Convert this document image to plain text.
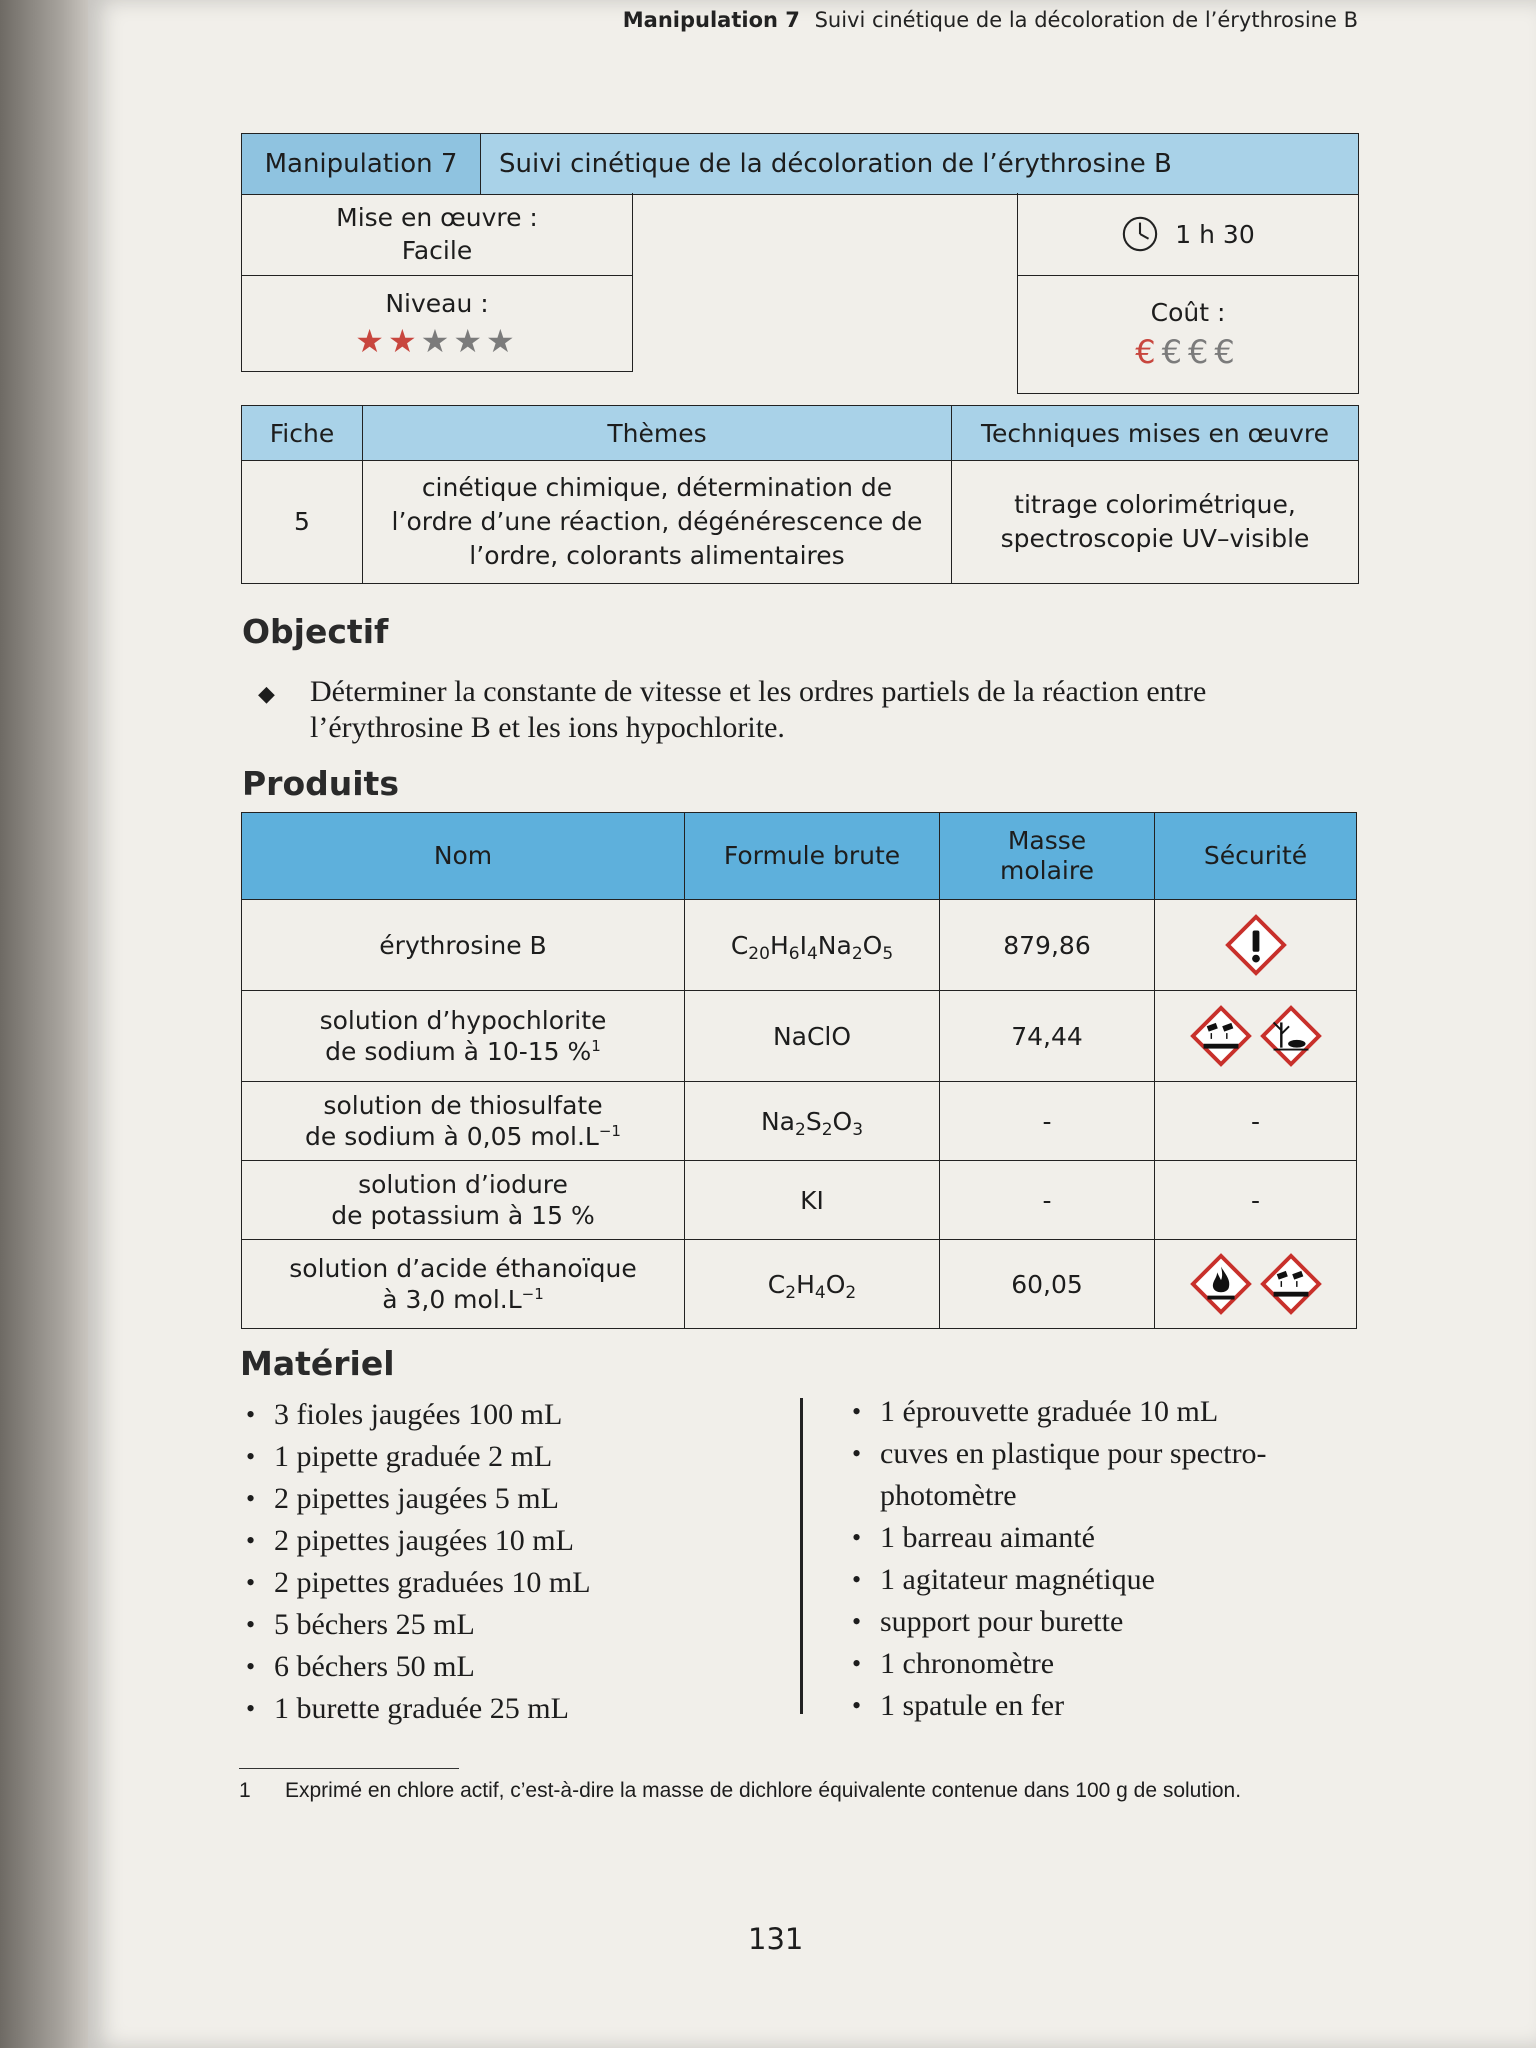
Manipulation 7 Suivi cinétique de la décoloration de l’érythrosine B
Manipulation 7	Suivi cinétique de la décoloration de l’érythrosine B
Mise en œuvre :
Facile
Niveau :
★★★★★
1 h 30
Coût :
€€€€
Fiche	Thèmes	Techniques mises en œuvre
5	cinétique chimique, détermination de l’ordre d’une réaction, dégénérescence de l’ordre, colorants alimentaires	titrage colorimétrique, spectroscopie UV–visible
Objectif
◆ Déterminer la constante de vitesse et les ordres partiels de la réaction entre l’érythrosine B et les ions hypochlorite.
Produits
Nom	Formule brute	Masse molaire	Sécurité

érythrosine B	$C_{20}H_6I_4Na_2O_5$	879,86	

solution d’hypochlorite
de sodium à 10-15 %$^1$	NaClO	74,44	

solution de thiosulfate
de sodium à 0,05 $mol.L^{-1}$	$Na_2S_2O_3$	-	-

solution d’iodure
de potassium à 15 %	KI	-	-

solution d’acide éthanoïque
à 3,0 $mol.L^{-1}$	$C_2H_4O_2$	60,05	
Matériel
• 3 fioles jaugées 100 mL
• 1 pipette graduée 2 mL
• 2 pipettes jaugées 5 mL
• 2 pipettes jaugées 10 mL
• 2 pipettes graduées 10 mL
• 5 béchers 25 mL
• 6 béchers 50 mL
• 1 burette graduée 25 mL
• 1 éprouvette graduée 10 mL
• cuves en plastique pour spectro-photomètre
• 1 barreau aimanté
• 1 agitateur magnétique
• support pour burette
• 1 chronomètre
• 1 spatule en fer
1 Exprimé en chlore actif, c’est-à-dire la masse de dichlore équivalente contenue dans 100 g de solution.
131
